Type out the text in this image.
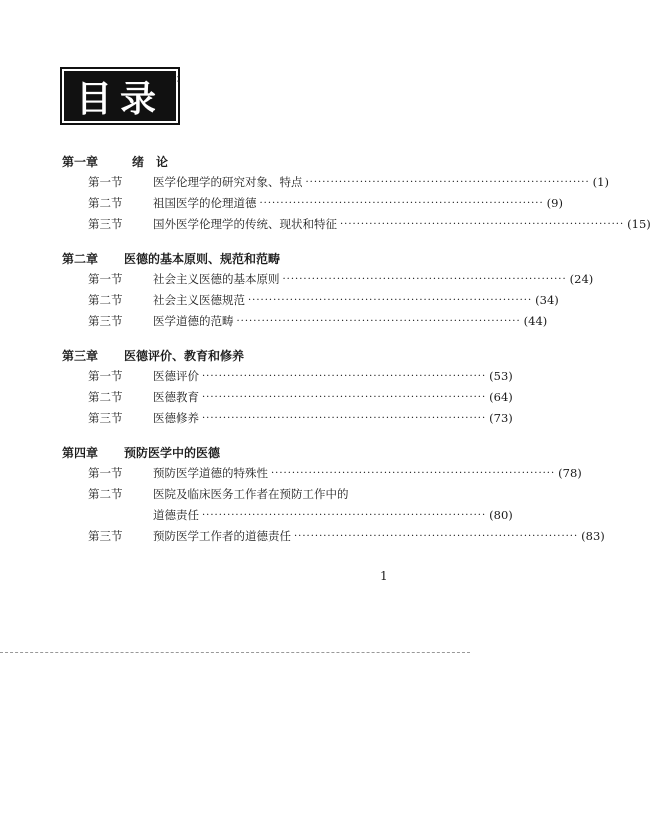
目录
:
第一章	绪　论
第一节	医学伦理学的研究对象、特点 ·····	(1)
第二节	祖国医学的伦理道德 ·····	(9)
第三节	国外医学伦理学的传统、现状和特征 ·····	(15)
第二章 医德的基本原则、规范和范畴
第一节	社会主义医德的基本原则 ·····	(24)
第二节	社会主义医德规范 ·····	(34)
第三节	医学道德的范畴 ·····	(44)
第三章 医德评价、教育和修养
第一节	医德评价 ·····	(53)
第二节	医德教育 ·····	(64)
第三节	医德修养 ·····	(73)
第四章 预防医学中的医德
第一节	预防医学道德的特殊性 ·····	(78)
第二节	医院及临床医务工作者在预防工作中的
道德责任 ·····	(80)
第三节	预防医学工作者的道德责任 ·····	(83)
1
